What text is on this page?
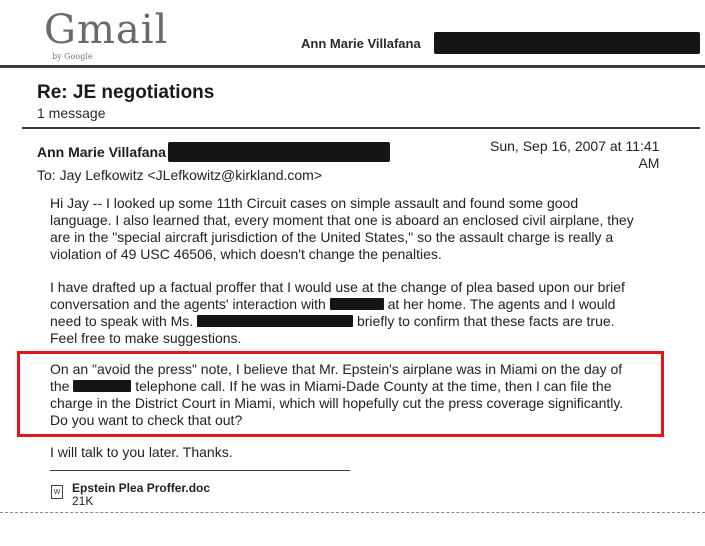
Gmail
by Google
Ann Marie Villafana
Re: JE negotiations
1 message
Ann Marie Villafana	Sun, Sep 16, 2007 at 11:41
AM
To: Jay Lefkowitz <JLefkowitz@kirkland.com>
Hi Jay -- I looked up some 11th Circuit cases on simple assault and found some good
language. I also learned that, every moment that one is aboard an enclosed civil airplane, they
are in the "special aircraft jurisdiction of the United States," so the assault charge is really a
violation of 49 USC 46506, which doesn't change the penalties.
I have drafted up a factual proffer that I would use at the change of plea based upon our brief
conversation and the agents' interaction with	at her home. The agents and I would
need to speak with Ms.	briefly to confirm that these facts are true.
Feel free to make suggestions.
On an "avoid the press" note, I believe that Mr. Epstein's airplane was in Miami on the day of
the	telephone call. If he was in Miami-Dade County at the time, then I can file the
charge in the District Court in Miami, which will hopefully cut the press coverage significantly.
Do you want to check that out?
I will talk to you later. Thanks.
W Epstein Plea Proffer.doc
21K
